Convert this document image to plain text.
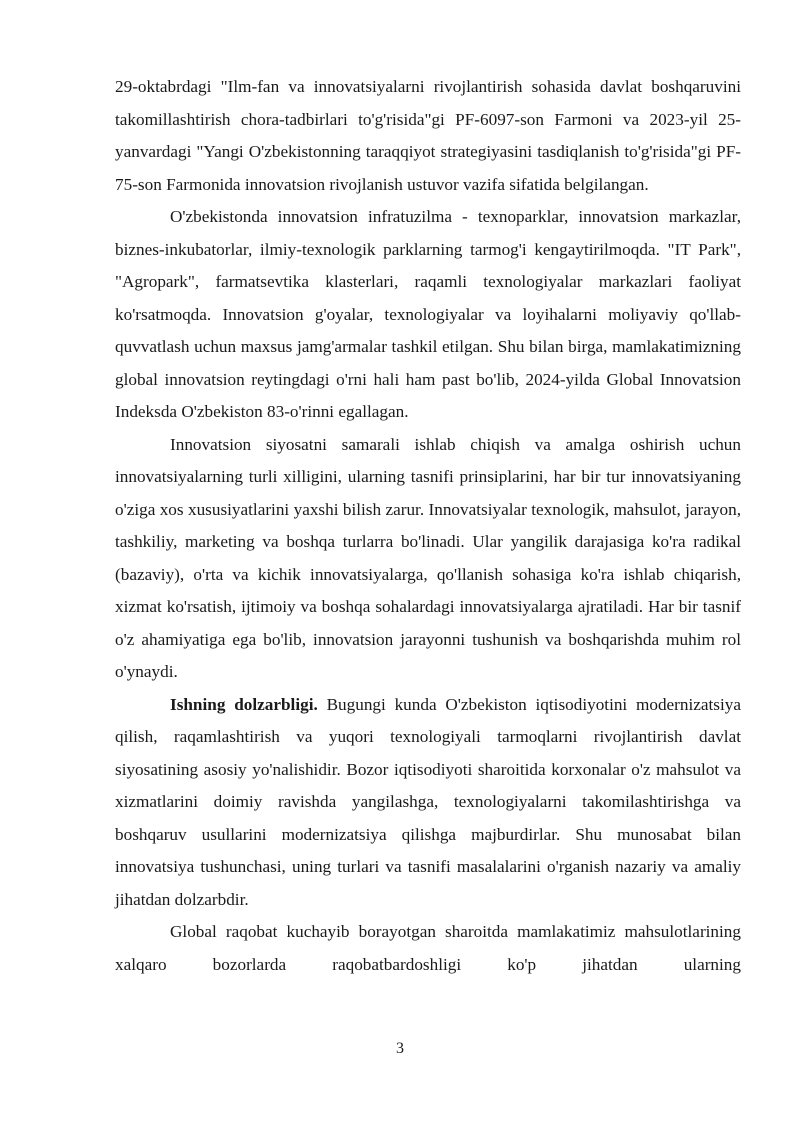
29-oktabrdagi "Ilm-fan va innovatsiyalarni rivojlantirish sohasida davlat boshqaruvini takomillashtirish chora-tadbirlari to'g'risida"gi PF-6097-son Farmoni va 2023-yil 25-yanvardagi "Yangi O'zbekistonning taraqqiyot strategiyasini tasdiqlanish to'g'risida"gi PF-75-son Farmonida innovatsion rivojlanish ustuvor vazifa sifatida belgilangan.

O'zbekistonda innovatsion infratuzilma - texnoparklar, innovatsion markazlar, biznes-inkubatorlar, ilmiy-texnologik parklarning tarmog'i kengaytirilmoqda. "IT Park", "Agropark", farmatsevtika klasterlari, raqamli texnologiyalar markazlari faoliyat ko'rsatmoqda. Innovatsion g'oyalar, texnologiyalar va loyihalarni moliyaviy qo'llab-quvvatlash uchun maxsus jamg'armalar tashkil etilgan. Shu bilan birga, mamlakatimizning global innovatsion reytingdagi o'rni hali ham past bo'lib, 2024-yilda Global Innovatsion Indeksda O'zbekiston 83-o'rinni egallagan.

Innovatsion siyosatni samarali ishlab chiqish va amalga oshirish uchun innovatsiyalarning turli xilligini, ularning tasnifi prinsiplarini, har bir tur innovatsiyaning o'ziga xos xususiyatlarini yaxshi bilish zarur. Innovatsiyalar texnologik, mahsulot, jarayon, tashkiliy, marketing va boshqa turlarra bo'linadi. Ular yangilik darajasiga ko'ra radikal (bazaviy), o'rta va kichik innovatsiyalarga, qo'llanish sohasiga ko'ra ishlab chiqarish, xizmat ko'rsatish, ijtimoiy va boshqa sohalardagi innovatsiyalarga ajratiladi. Har bir tasnif o'z ahamiyatiga ega bo'lib, innovatsion jarayonni tushunish va boshqarishda muhim rol o'ynaydi.

Ishning dolzarbligi. Bugungi kunda O'zbekiston iqtisodiyotini modernizatsiya qilish, raqamlashtirish va yuqori texnologiyali tarmoqlarni rivojlantirish davlat siyosatining asosiy yo'nalishidir. Bozor iqtisodiyoti sharoitida korxonalar o'z mahsulot va xizmatlarini doimiy ravishda yangilashga, texnologiyalarni takomilashtirishga va boshqaruv usullarini modernizatsiya qilishga majburdirlar. Shu munosabat bilan innovatsiya tushunchasi, uning turlari va tasnifi masalalarini o'rganish nazariy va amaliy jihatdan dolzarbdir.

Global raqobat kuchayib borayotgan sharoitda mamlakatimiz mahsulotlarining xalqaro bozorlarda raqobatbardoshligi ko'p jihatdan ularning

3
